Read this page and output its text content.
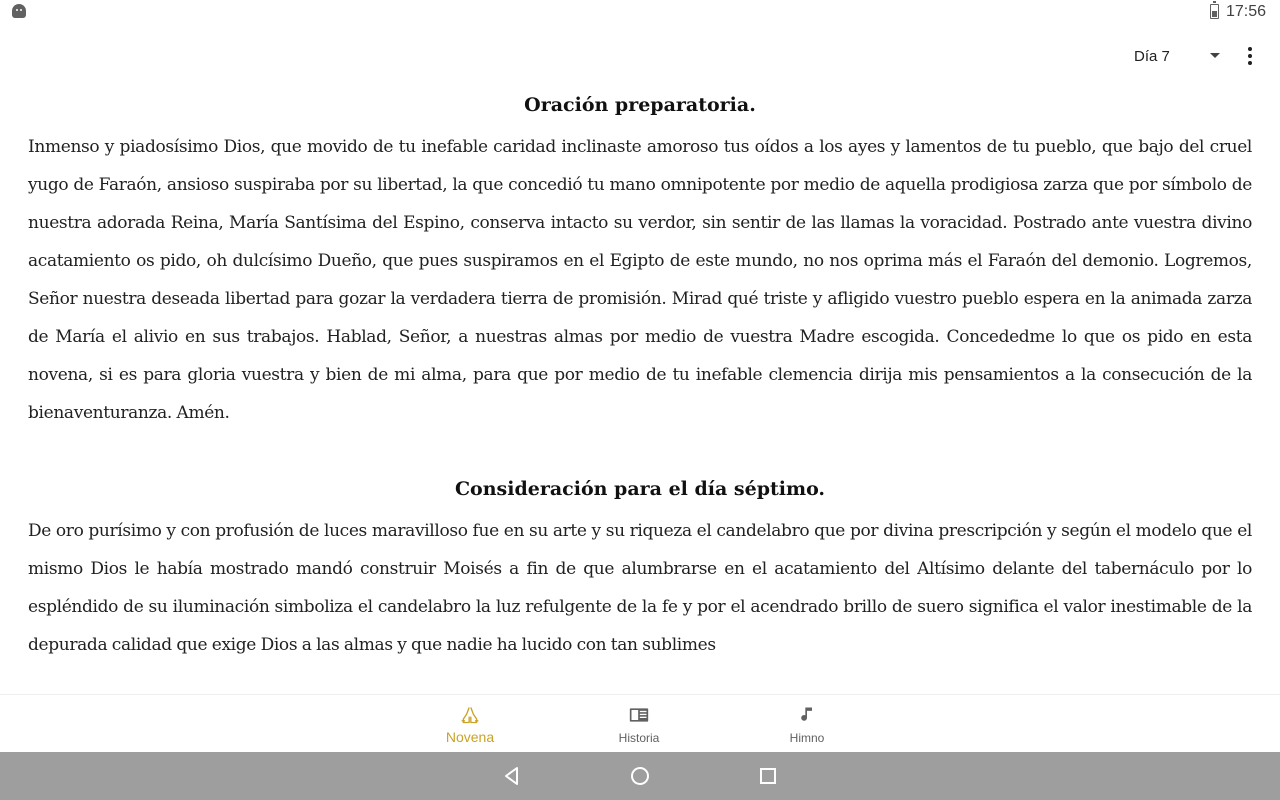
17:56
Día 7
Oración preparatoria.

Inmenso y piadosísimo Dios, que movido de tu inefable caridad inclinaste amoroso tus oídos a los ayes y lamentos de tu pueblo, que bajo del cruel yugo de Faraón, ansioso suspiraba por su libertad, la que concedió tu mano omnipotente por medio de aquella prodigiosa zarza que por símbolo de nuestra adorada Reina, María Santísima del Espino, conserva intacto su verdor, sin sentir de las llamas la voracidad. Postrado ante vuestra divino acatamiento os pido, oh dulcísimo Dueño, que pues suspiramos en el Egipto de este mundo, no nos oprima más el Faraón del demonio. Logremos, Señor nuestra deseada libertad para gozar la verdadera tierra de promisión. Mirad qué triste y afligido vuestro pueblo espera en la animada zarza de María el alivio en sus trabajos. Hablad, Señor, a nuestras almas por medio de vuestra Madre escogida. Concededme lo que os pido en esta novena, si es para gloria vuestra y bien de mi alma, para que por medio de tu inefable clemencia dirija mis pensamientos a la consecución de la bienaventuranza. Amén.

Consideración para el día séptimo.

De oro purísimo y con profusión de luces maravilloso fue en su arte y su riqueza el candelabro que por divina prescripción y según el modelo que el mismo Dios le había mostrado mandó construir Moisés a fin de que alumbrarse en el acatamiento del Altísimo delante del tabernáculo por lo espléndido de su iluminación simboliza el candelabro la luz refulgente de la fe y por el acendrado brillo de suero significa el valor inestimable de la depurada calidad que exige Dios a las almas y que nadie ha lucido con tan sublimes

Novena	Historia	Himno
